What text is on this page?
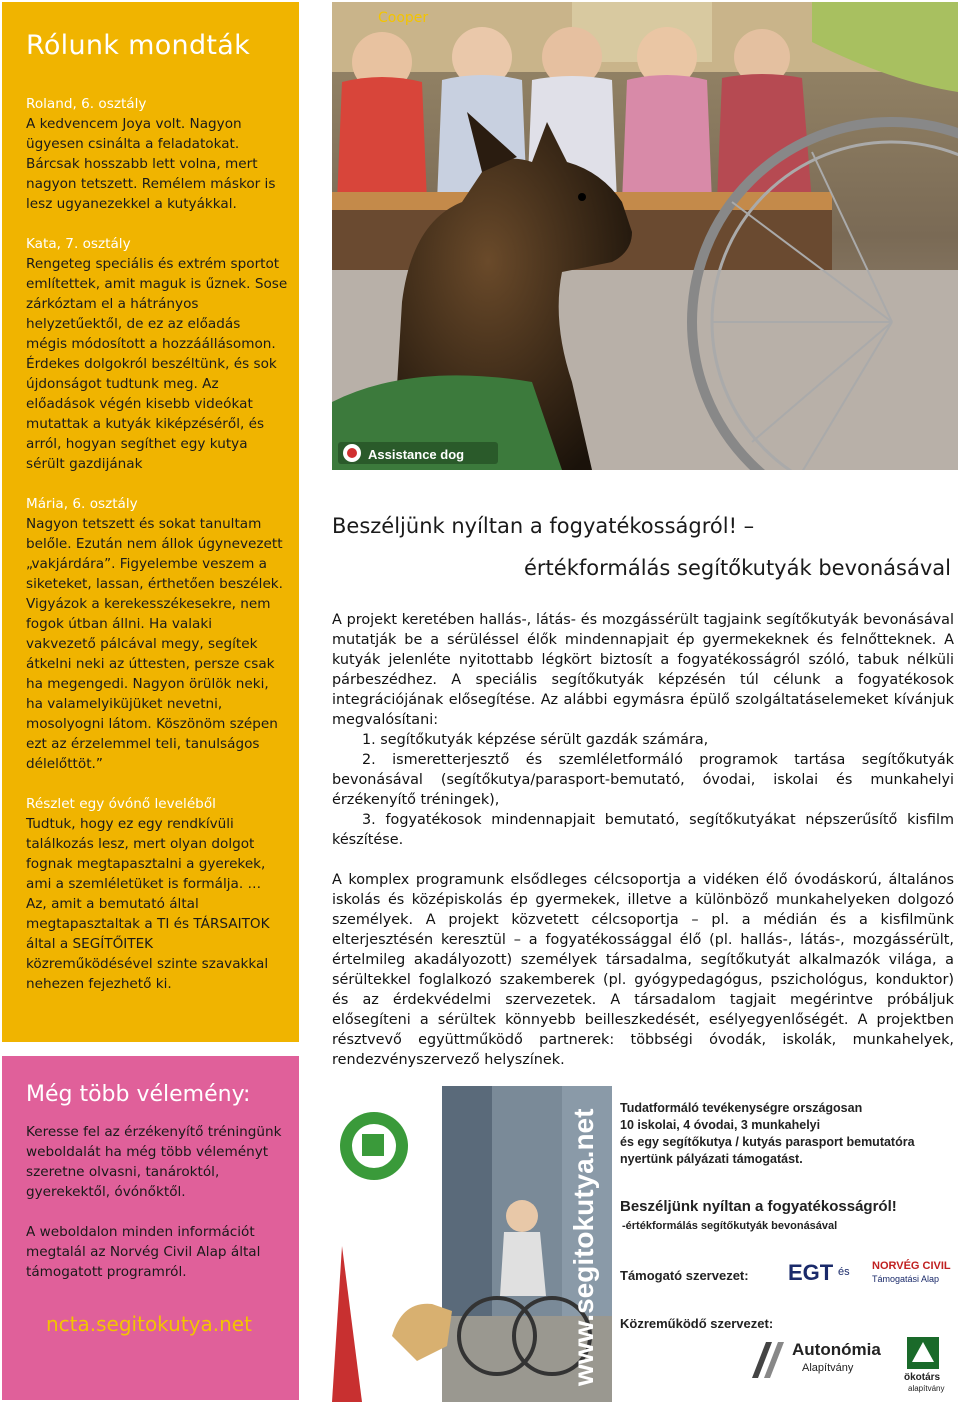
Rólunk mondták
Roland, 6. osztály
A kedvencem Joya volt. Nagyon
ügyesen csinálta a feladatokat.
Bárcsak hosszabb lett volna, mert
nagyon tetszett. Remélem máskor is
lesz ugyanezekkel a kutyákkal.
Kata, 7. osztály
Rengeteg speciális és extrém sportot
említettek, amit maguk is űznek. Sose
zárkóztam el a hátrányos
helyzetűektől, de ez az előadás
mégis módosított a hozzáállásomon.
Érdekes dolgokról beszéltünk, és sok
újdonságot tudtunk meg. Az
előadások végén kisebb videókat
mutattak a kutyák kiképzéséről, és
arról, hogyan segíthet egy kutya
sérült gazdijának
Mária, 6. osztály
Nagyon tetszett és sokat tanultam
belőle. Ezután nem állok úgynevezett
„vakjárdára”. Figyelembe veszem a
siketeket, lassan, érthetően beszélek.
Vigyázok a kerekesszékesekre, nem
fogok útban állni. Ha valaki
vakvezető pálcával megy, segítek
átkelni neki az úttesten, persze csak
ha megengedi. Nagyon örülök neki,
ha valamelyiküjüket nevetni,
mosolyogni látom. Köszönöm szépen
ezt az érzelemmel teli, tanulságos
délelőttöt.”
Részlet egy óvónő leveléből
Tudtuk, hogy ez egy rendkívüli
találkozás lesz, mert olyan dolgot
fognak megtapasztalni a gyerekek,
ami a szemléletüket is formálja. …
Az, amit a bemutató által
megtapasztaltak a TI és TÁRSAITOK
által a SEGÍTŐITEK
közreműködésével szinte szavakkal
nehezen fejezhető ki.
Még több vélemény:
Keresse fel az érzékenyítő tréningünk
weboldalát ha még több véleményt
szeretne olvasni, tanároktól,
gyerekektől, óvónőktől.
A weboldalon minden információt
megtalál az Norvég Civil Alap által
támogatott programról.
ncta.segitokutya.net
Assistance dog
Cooper
Beszéljünk nyíltan a fogyatékosságról! –
értékformálás segítőkutyák bevonásával
A projekt keretében hallás-, látás- és mozgássérült tagjaink segítőkutyák bevonásával mutatják be a sérüléssel élők mindennapjait ép gyermekeknek és felnőtteknek. A kutyák jelenléte nyitottabb légkört biztosít a fogyatékosságról szóló, tabuk nélküli párbeszédhez. A speciális segítőkutyák képzésén túl célunk a fogyatékosok integrációjának elősegítése. Az alábbi egymásra épülő szolgáltatáselemeket kívánjuk megvalósítani:
1. segítőkutyák képzése sérült gazdák számára,
2. ismeretterjesztő és szemléletformáló programok tartása segítőkutyák bevonásával (segítőkutya/parasport-bemutató, óvodai, iskolai és munkahelyi érzékenyítő tréningek),
3. fogyatékosok mindennapjait bemutató, segítőkutyákat népszerűsítő kisfilm készítése.
A komplex programunk elsődleges célcsoportja a vidéken élő óvodáskorú, általános iskolás és középiskolás ép gyermekek, illetve a különböző munkahelyeken dolgozó személyek. A projekt közvetett célcsoportja – pl. a médián és a kisfilmünk elterjesztésén keresztül – a fogyatékossággal élő (pl. hallás-, látás-, mozgássérült, értelmileg akadályozott) személyek társadalma, segítőkutyát alkalmazók világa, a sérültekkel foglalkozó szakemberek (pl. gyógypedagógus, pszichológus, konduktor) és az érdekvédelmi szervezetek. A társadalom tagjait megérintve próbáljuk elősegíteni a sérültek könnyebb beilleszkedését, esélyegyenlőségét. A projektben résztvevő együttműködő partnerek: többségi óvodák, iskolák, munkahelyek, rendezvényszervező helyszínek.
www.segitokutya.net
Tudatformáló tevékenységre országosan
10 iskolai, 4 óvodai, 3 munkahelyi
és egy segítőkutya / kutyás parasport bemutatóra
nyertünk pályázati támogatást.
Beszéljünk nyíltan a fogyatékosságról!
-értékformálás segítőkutyák bevonásával
Támogató szervezet: EGT és NORVÉG CIVIL
Támogatási Alap
Közreműködő szervezet:
Autonómia
Alapítvány
ökotárs
alapítvány
